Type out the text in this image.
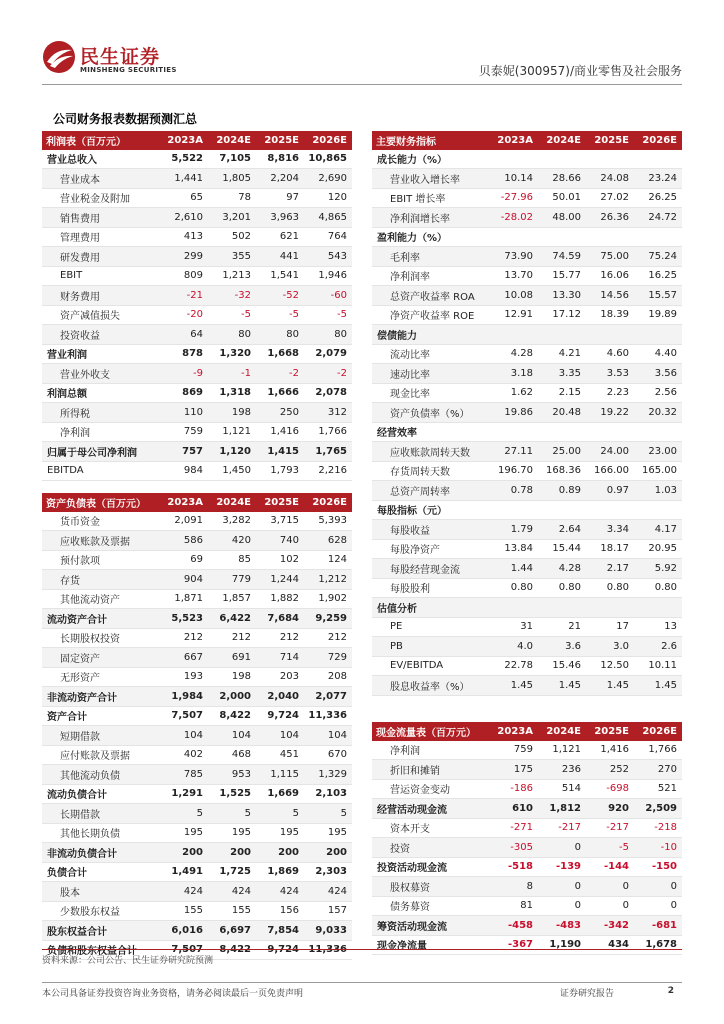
民生证券
MINSHENG SECURITIES	贝泰妮(300957)/商业零售及社会服务
公司财务报表数据预测汇总
利润表（百万元）	2023A	2024E	2025E	2026E
营业总收入	5,522	7,105	8,816	10,865
营业成本	1,441	1,805	2,204	2,690
营业税金及附加	65	78	97	120
销售费用	2,610	3,201	3,963	4,865
管理费用	413	502	621	764
研发费用	299	355	441	543
EBIT	809	1,213	1,541	1,946
财务费用	-21	-32	-52	-60
资产减值损失	-20	-5	-5	-5
投资收益	64	80	80	80
营业利润	878	1,320	1,668	2,079
营业外收支	-9	-1	-2	-2
利润总额	869	1,318	1,666	2,078
所得税	110	198	250	312
净利润	759	1,121	1,416	1,766
归属于母公司净利润	757	1,120	1,415	1,765
EBITDA	984	1,450	1,793	2,216
资产负债表（百万元）	2023A	2024E	2025E	2026E
货币资金	2,091	3,282	3,715	5,393
应收账款及票据	586	420	740	628
预付款项	69	85	102	124
存货	904	779	1,244	1,212
其他流动资产	1,871	1,857	1,882	1,902
流动资产合计	5,523	6,422	7,684	9,259
长期股权投资	212	212	212	212
固定资产	667	691	714	729
无形资产	193	198	203	208
非流动资产合计	1,984	2,000	2,040	2,077
资产合计	7,507	8,422	9,724	11,336
短期借款	104	104	104	104
应付账款及票据	402	468	451	670
其他流动负债	785	953	1,115	1,329
流动负债合计	1,291	1,525	1,669	2,103
长期借款	5	5	5	5
其他长期负债	195	195	195	195
非流动负债合计	200	200	200	200
负债合计	1,491	1,725	1,869	2,303
股本	424	424	424	424
少数股东权益	155	155	156	157
股东权益合计	6,016	6,697	7,854	9,033
负债和股东权益合计	7,507	8,422	9,724	11,336
主要财务指标	2023A	2024E	2025E	2026E
成长能力（%）				
营业收入增长率	10.14	28.66	24.08	23.24
EBIT 增长率	-27.96	50.01	27.02	26.25
净利润增长率	-28.02	48.00	26.36	24.72
盈利能力（%）				
毛利率	73.90	74.59	75.00	75.24
净利润率	13.70	15.77	16.06	16.25
总资产收益率 ROA	10.08	13.30	14.56	15.57
净资产收益率 ROE	12.91	17.12	18.39	19.89
偿债能力				
流动比率	4.28	4.21	4.60	4.40
速动比率	3.18	3.35	3.53	3.56
现金比率	1.62	2.15	2.23	2.56
资产负债率（%）	19.86	20.48	19.22	20.32
经营效率				
应收账款周转天数	27.11	25.00	24.00	23.00
存货周转天数	196.70	168.36	166.00	165.00
总资产周转率	0.78	0.89	0.97	1.03
每股指标（元）				
每股收益	1.79	2.64	3.34	4.17
每股净资产	13.84	15.44	18.17	20.95
每股经营现金流	1.44	4.28	2.17	5.92
每股股利	0.80	0.80	0.80	0.80
估值分析				
PE	31	21	17	13
PB	4.0	3.6	3.0	2.6
EV/EBITDA	22.78	15.46	12.50	10.11
股息收益率（%）	1.45	1.45	1.45	1.45
现金流量表（百万元）	2023A	2024E	2025E	2026E
净利润	759	1,121	1,416	1,766
折旧和摊销	175	236	252	270
营运资金变动	-186	514	-698	521
经营活动现金流	610	1,812	920	2,509
资本开支	-271	-217	-217	-218
投资	-305	0	-5	-10
投资活动现金流	-518	-139	-144	-150
股权募资	8	0	0	0
债务募资	81	0	0	0
筹资活动现金流	-458	-483	-342	-681
现金净流量	-367	1,190	434	1,678
资料来源：公司公告、民生证券研究院预测
本公司具备证券投资咨询业务资格，请务必阅读最后一页免责声明	证券研究报告	2
